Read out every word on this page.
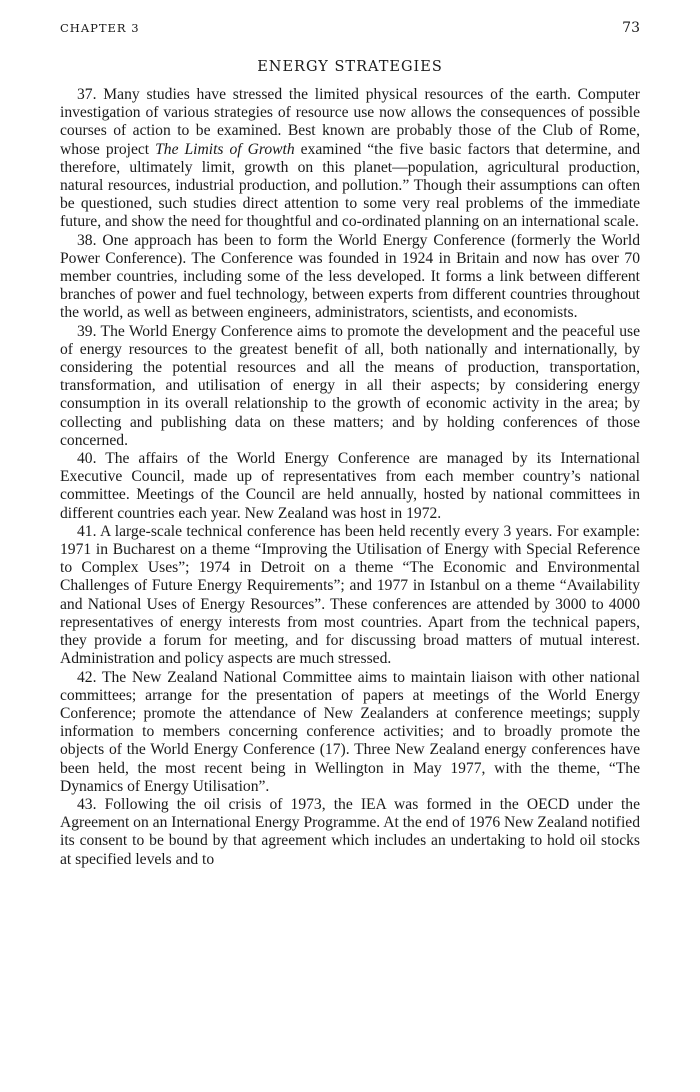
CHAPTER 3	73
ENERGY STRATEGIES

37. Many studies have stressed the limited physical resources of the earth. Computer investigation of various strategies of resource use now allows the consequences of possible courses of action to be examined. Best known are probably those of the Club of Rome, whose project The Limits of Growth examined “the five basic factors that determine, and therefore, ultimately limit, growth on this planet—population, agricultural production, natural resources, industrial production, and pollution.” Though their assumptions can often be questioned, such studies direct attention to some very real problems of the immediate future, and show the need for thoughtful and co-ordinated planning on an international scale.

38. One approach has been to form the World Energy Conference (formerly the World Power Conference). The Conference was founded in 1924 in Britain and now has over 70 member countries, including some of the less developed. It forms a link between different branches of power and fuel technology, between experts from different countries throughout the world, as well as between engineers, administrators, scientists, and economists.

39. The World Energy Conference aims to promote the development and the peaceful use of energy resources to the greatest benefit of all, both nationally and internationally, by considering the potential resources and all the means of production, transportation, transformation, and utilisation of energy in all their aspects; by considering energy consumption in its overall relationship to the growth of economic activity in the area; by collecting and publishing data on these matters; and by holding conferences of those concerned.

40. The affairs of the World Energy Conference are managed by its International Executive Council, made up of representatives from each member country’s national committee. Meetings of the Council are held annually, hosted by national committees in different countries each year. New Zealand was host in 1972.

41. A large-scale technical conference has been held recently every 3 years. For example: 1971 in Bucharest on a theme “Improving the Utilisation of Energy with Special Reference to Complex Uses”; 1974 in Detroit on a theme “The Economic and Environmental Challenges of Future Energy Requirements”; and 1977 in Istanbul on a theme “Availability and National Uses of Energy Resources”. These conferences are attended by 3000 to 4000 representatives of energy interests from most countries. Apart from the technical papers, they provide a forum for meeting, and for discussing broad matters of mutual interest. Administration and policy aspects are much stressed.

42. The New Zealand National Committee aims to maintain liaison with other national committees; arrange for the presentation of papers at meetings of the World Energy Conference; promote the attendance of New Zealanders at conference meetings; supply information to members concerning conference activities; and to broadly promote the objects of the World Energy Conference (17). Three New Zealand energy conferences have been held, the most recent being in Wellington in May 1977, with the theme, “The Dynamics of Energy Utilisation”.

43. Following the oil crisis of 1973, the IEA was formed in the OECD under the Agreement on an International Energy Programme. At the end of 1976 New Zealand notified its consent to be bound by that agreement which includes an undertaking to hold oil stocks at specified levels and to
